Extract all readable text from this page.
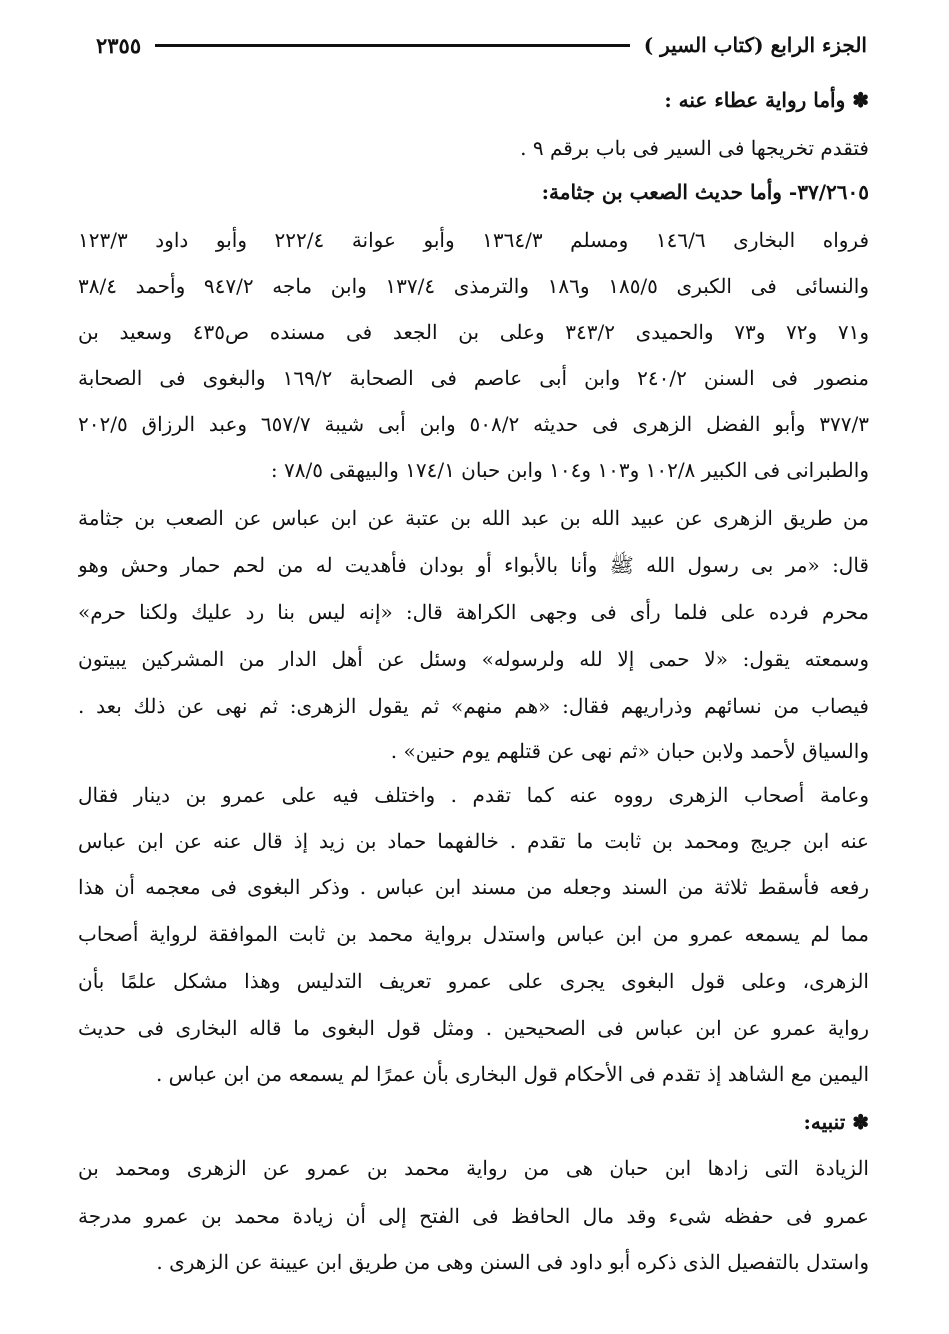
الجزء الرابع (كتاب السير )
٢٣٥٥
✽ وأما رواية عطاء عنه :
فتقدم تخريجها فى السير فى باب برقم ٩ .
٣٧/٢٦٠٥- وأما حديث الصعب بن جثامة:
فرواه البخارى ١٤٦/٦ ومسلم ١٣٦٤/٣ وأبو عوانة ٢٢٢/٤ وأبو داود ١٢٣/٣
والنسائى فى الكبرى ١٨٥/٥ و١٨٦ والترمذى ١٣٧/٤ وابن ماجه ٩٤٧/٢ وأحمد ٣٨/٤
و٧١ و٧٢ و٧٣ والحميدى ٣٤٣/٢ وعلى بن الجعد فى مسنده ص٤٣٥ وسعيد بن
منصور فى السنن ٢٤٠/٢ وابن أبى عاصم فى الصحابة ١٦٩/٢ والبغوى فى الصحابة
٣٧٧/٣ وأبو الفضل الزهرى فى حديثه ٥٠٨/٢ وابن أبى شيبة ٦٥٧/٧ وعبد الرزاق ٢٠٢/٥
والطبرانى فى الكبير ١٠٢/٨ و١٠٣ و١٠٤ وابن حبان ١٧٤/١ والبيهقى ٧٨/٥ :
من طريق الزهرى عن عبيد الله بن عبد الله بن عتبة عن ابن عباس عن الصعب بن جثامة
قال: «مر بى رسول الله ﷺ وأنا بالأبواء أو بودان فأهديت له من لحم حمار وحش وهو
محرم فرده على فلما رأى فى وجهى الكراهة قال: «إنه ليس بنا رد عليك ولكنا حرم»
وسمعته يقول: «لا حمى إلا لله ولرسوله» وسئل عن أهل الدار من المشركين يبيتون
فيصاب من نسائهم وذراريهم فقال: «هم منهم» ثم يقول الزهرى: ثم نهى عن ذلك بعد .
والسياق لأحمد ولابن حبان «ثم نهى عن قتلهم يوم حنين» .
وعامة أصحاب الزهرى رووه عنه كما تقدم . واختلف فيه على عمرو بن دينار فقال
عنه ابن جريج ومحمد بن ثابت ما تقدم . خالفهما حماد بن زيد إذ قال عنه عن ابن عباس
رفعه فأسقط ثلاثة من السند وجعله من مسند ابن عباس . وذكر البغوى فى معجمه أن هذا
مما لم يسمعه عمرو من ابن عباس واستدل برواية محمد بن ثابت الموافقة لرواية أصحاب
الزهرى، وعلى قول البغوى يجرى على عمرو تعريف التدليس وهذا مشكل علمًا بأن
رواية عمرو عن ابن عباس فى الصحيحين . ومثل قول البغوى ما قاله البخارى فى حديث
اليمين مع الشاهد إذ تقدم فى الأحكام قول البخارى بأن عمرًا لم يسمعه من ابن عباس .
✽ تنبيه:
الزيادة التى زادها ابن حبان هى من رواية محمد بن عمرو عن الزهرى ومحمد بن
عمرو فى حفظه شىء وقد مال الحافظ فى الفتح إلى أن زيادة محمد بن عمرو مدرجة
واستدل بالتفصيل الذى ذكره أبو داود فى السنن وهى من طريق ابن عيينة عن الزهرى .
